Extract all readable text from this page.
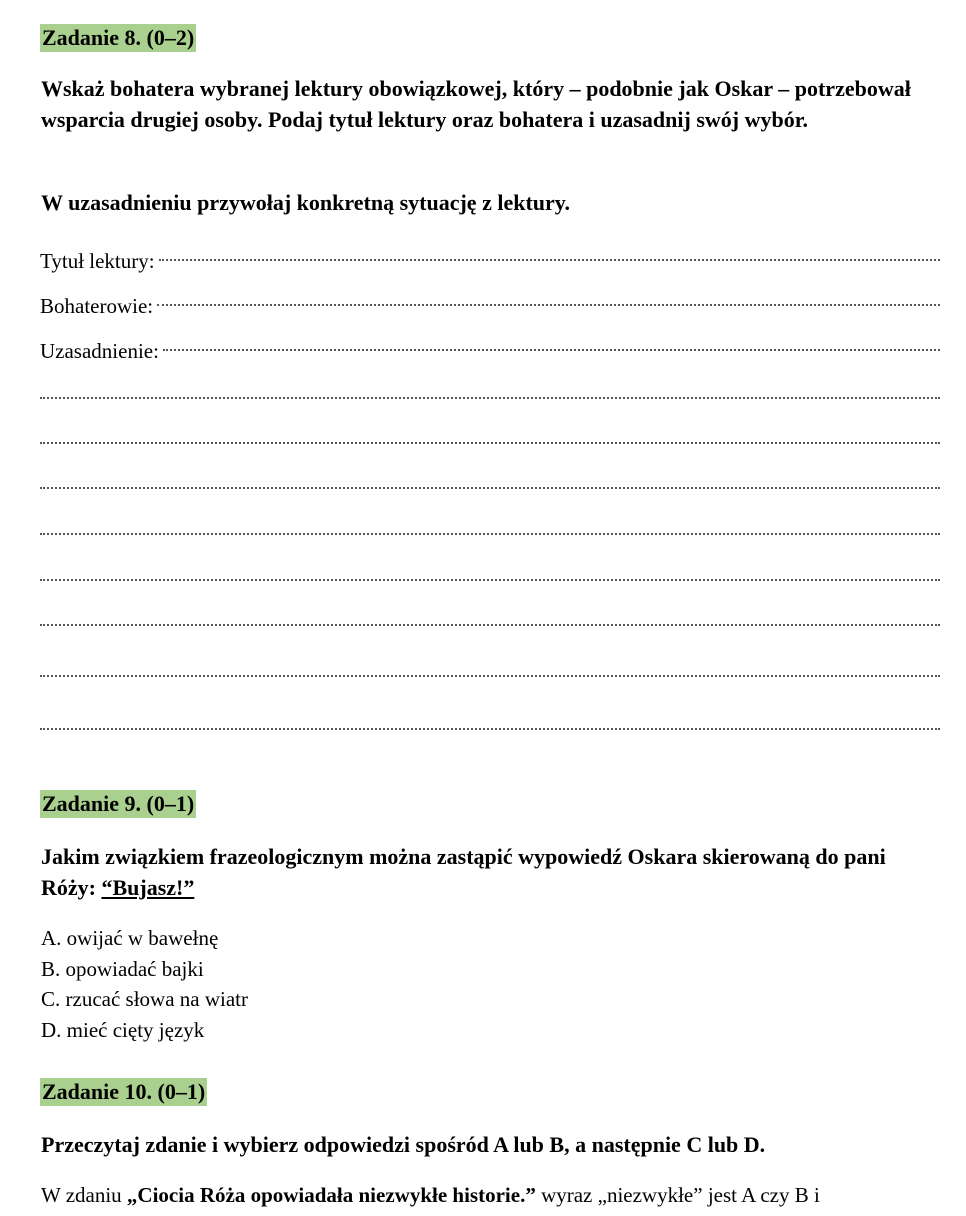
Zadanie 8. (0–2)
Wskaż bohatera wybranej lektury obowiązkowej, który – podobnie jak Oskar – potrzebował wsparcia drugiej osoby. Podaj tytuł lektury oraz bohatera i uzasadnij swój wybór.
W uzasadnieniu przywołaj konkretną sytuację z lektury.
Tytuł lektury:
Bohaterowie:
Uzasadnienie:
Zadanie 9. (0–1)
Jakim związkiem frazeologicznym można zastąpić wypowiedź Oskara skierowaną do pani Róży: “Bujasz!”
A. owijać w bawełnę
B. opowiadać bajki
C. rzucać słowa na wiatr
D. mieć cięty język
Zadanie 10. (0–1)
Przeczytaj zdanie i wybierz odpowiedzi spośród A lub B, a następnie C lub D.
W zdaniu „Ciocia Róża opowiadała niezwykłe historie.” wyraz „niezwykłe” jest A czy B i
